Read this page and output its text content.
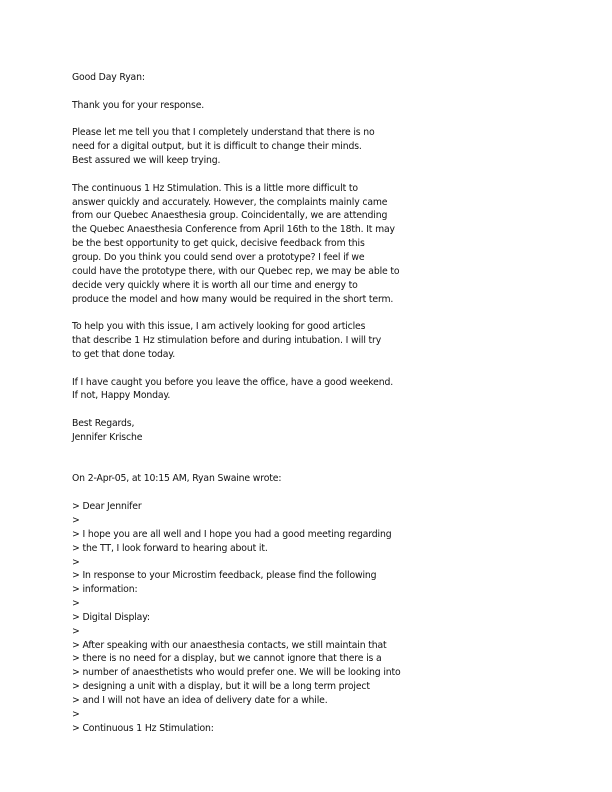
Good Day Ryan:
Thank you for your response.
Please let me tell you that I completely understand that there is no
need for a digital output, but it is difficult to change their minds.
Best assured we will keep trying.
The continuous 1 Hz Stimulation. This is a little more difficult to
answer quickly and accurately. However, the complaints mainly came
from our Quebec Anaesthesia group. Coincidentally, we are attending
the Quebec Anaesthesia Conference from April 16th to the 18th. It may
be the best opportunity to get quick, decisive feedback from this
group. Do you think you could send over a prototype? I feel if we
could have the prototype there, with our Quebec rep, we may be able to
decide very quickly where it is worth all our time and energy to
produce the model and how many would be required in the short term.
To help you with this issue, I am actively looking for good articles
that describe 1 Hz stimulation before and during intubation. I will try
to get that done today.
If I have caught you before you leave the office, have a good weekend.
If not, Happy Monday.
Best Regards,
Jennifer Krische
On 2-Apr-05, at 10:15 AM, Ryan Swaine wrote:
> Dear Jennifer
>
> I hope you are all well and I hope you had a good meeting regarding
> the TT, I look forward to hearing about it.
>
> In response to your Microstim feedback, please find the following
> information:
>
> Digital Display:
>
> After speaking with our anaesthesia contacts, we still maintain that
> there is no need for a display, but we cannot ignore that there is a
> number of anaesthetists who would prefer one. We will be looking into
> designing a unit with a display, but it will be a long term project
> and I will not have an idea of delivery date for a while.
>
> Continuous 1 Hz Stimulation:
